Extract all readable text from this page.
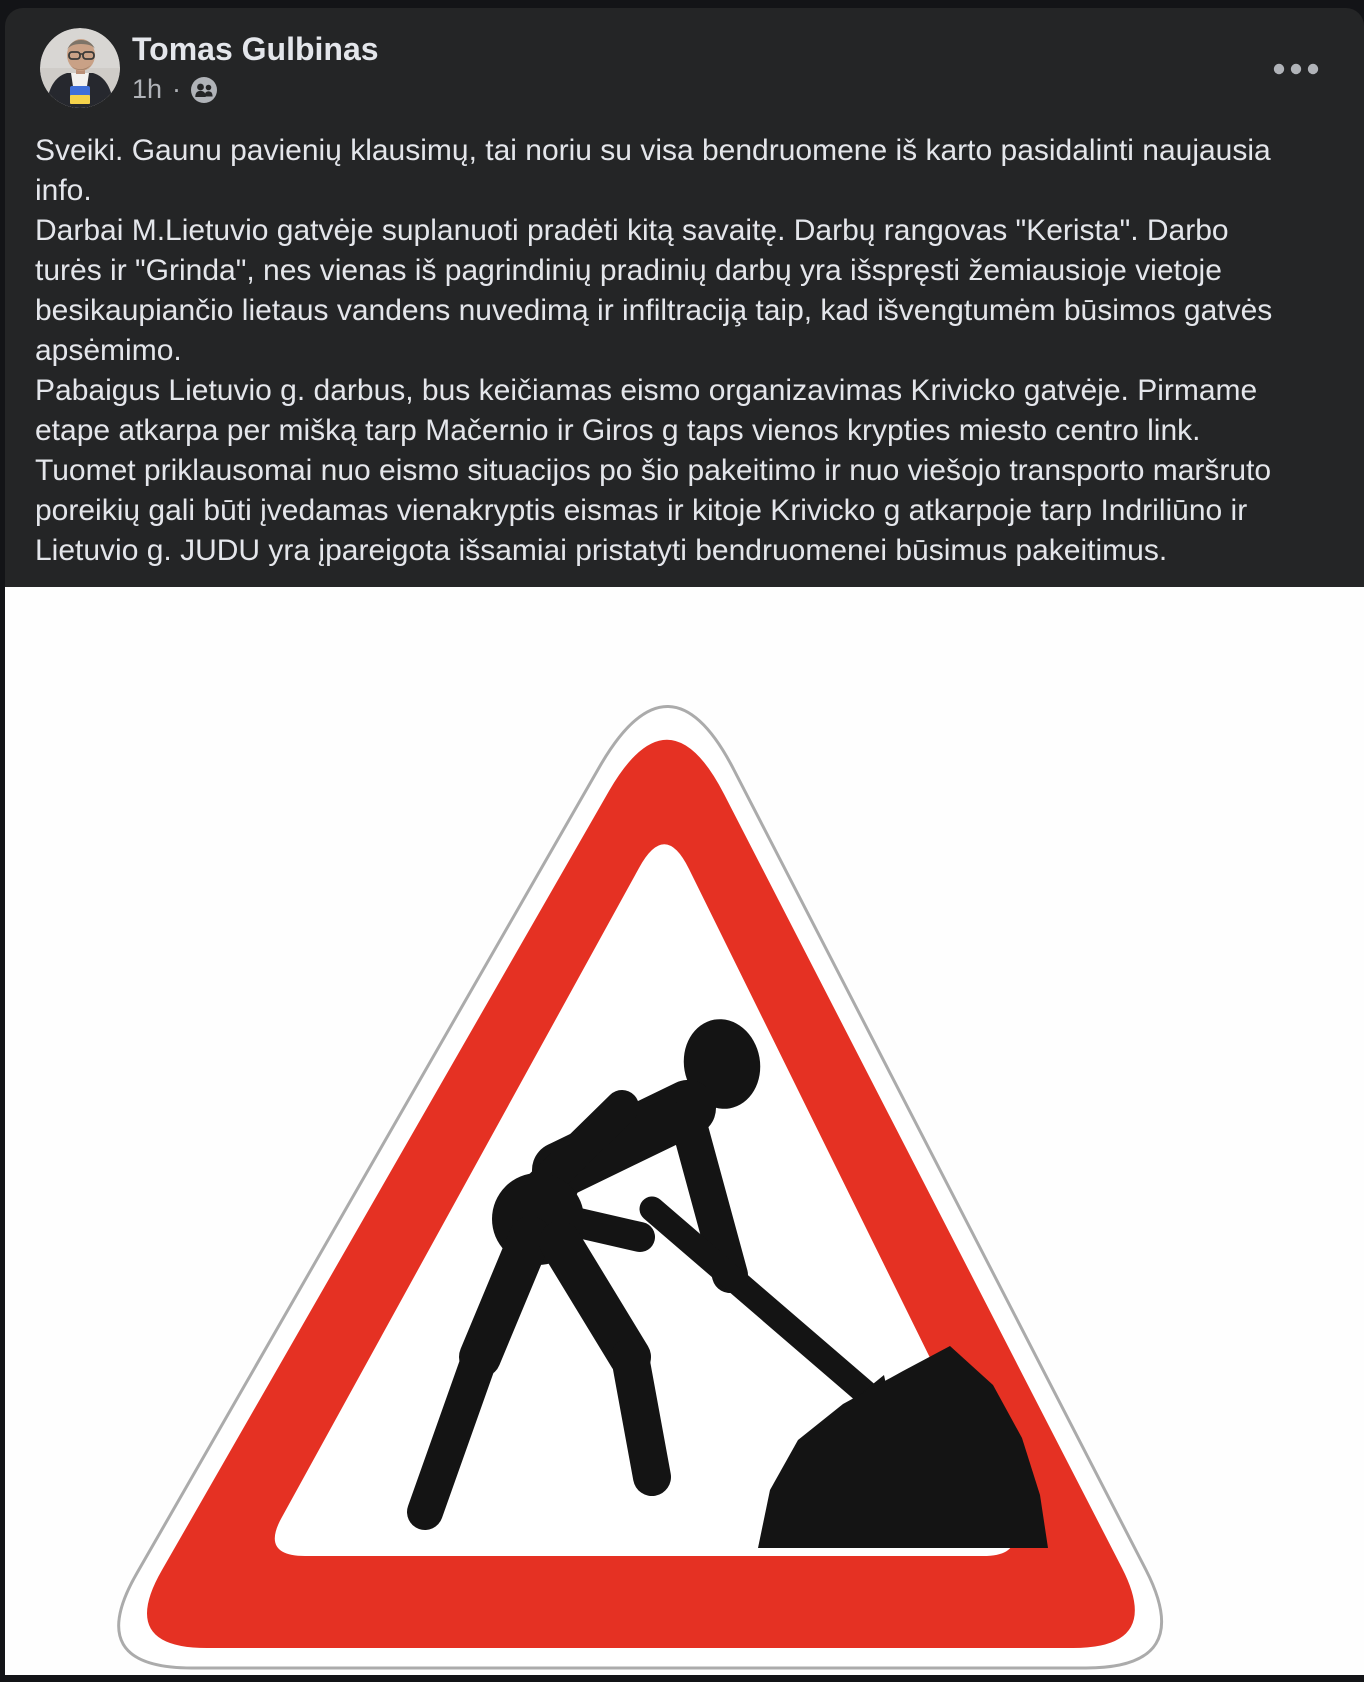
Tomas Gulbinas
1h ·
Sveiki. Gaunu pavienių klausimų, tai noriu su visa bendruomene iš karto pasidalinti naujausia
info.
Darbai M.Lietuvio gatvėje suplanuoti pradėti kitą savaitę. Darbų rangovas "Kerista". Darbo
turės ir "Grinda", nes vienas iš pagrindinių pradinių darbų yra išspręsti žemiausioje vietoje
besikaupiančio lietaus vandens nuvedimą ir infiltracija̧ taip, kad išvengtumėm būsimos gatvės
apsėmimo.
Pabaigus Lietuvio g. darbus, bus keičiamas eismo organizavimas Krivicko gatvėje. Pirmame
etape atkarpa per mišką tarp Mačernio ir Giros g taps vienos krypties miesto centro link.
Tuomet priklausomai nuo eismo situacijos po šio pakeitimo ir nuo viešojo transporto maršruto
poreikių gali būti įvedamas vienakryptis eismas ir kitoje Krivicko g atkarpoje tarp Indriliūno ir
Lietuvio g. JUDU yra įpareigota išsamiai pristatyti bendruomenei būsimus pakeitimus.
